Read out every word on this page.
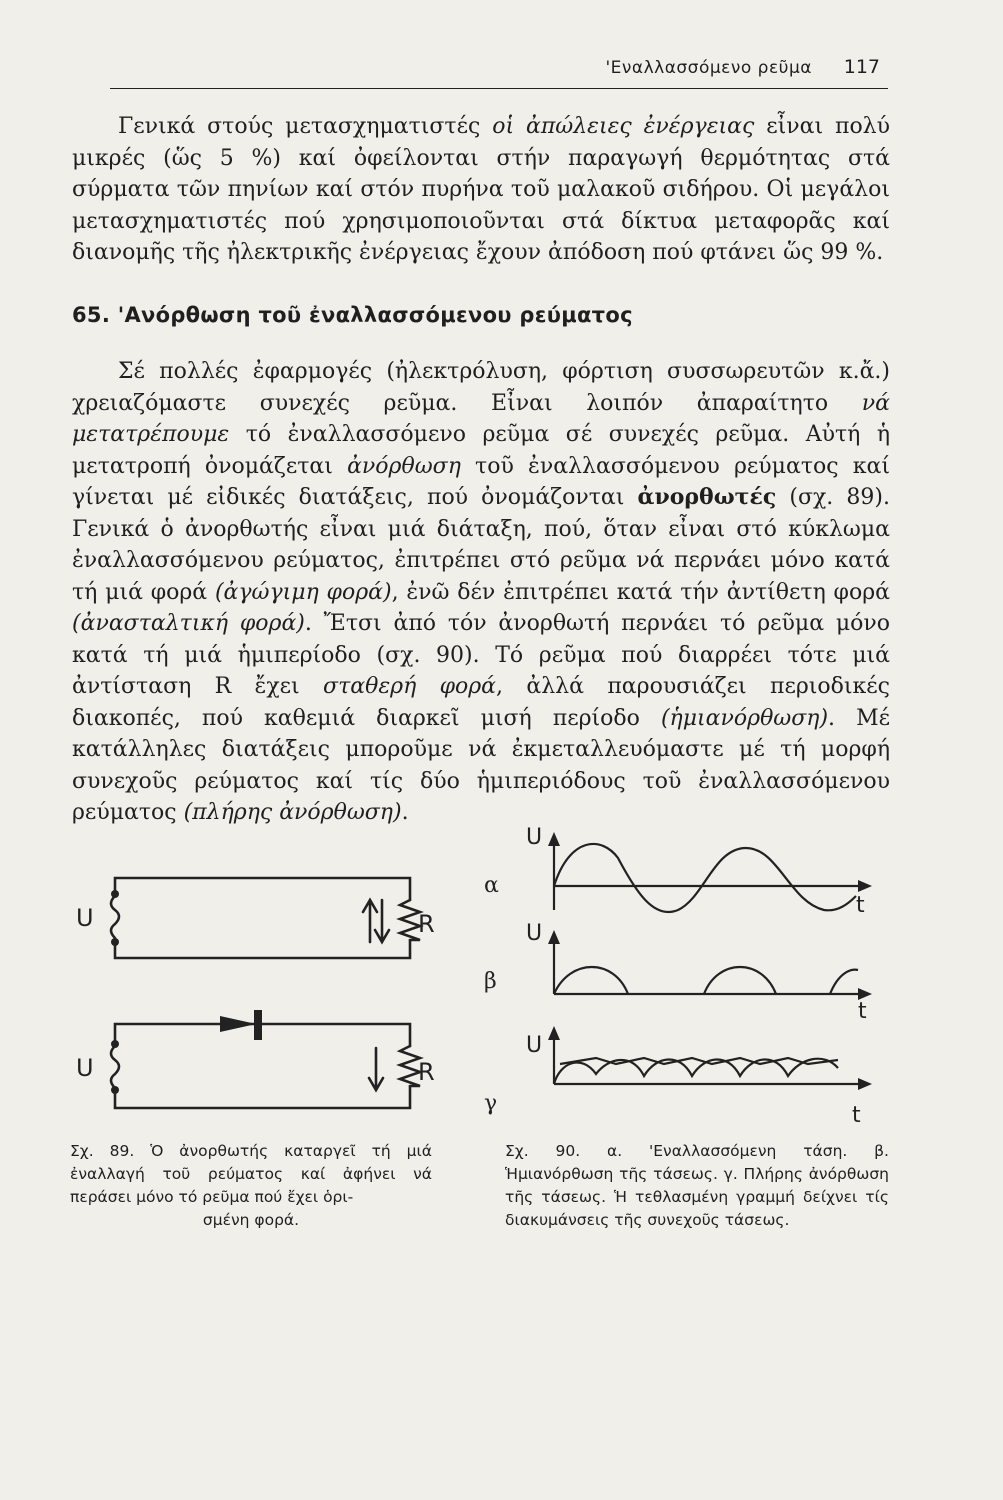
'Εναλλασσόμενο ρεῦμα 117

Γενικά στούς μετασχηματιστές οἱ ἀπώλειες ἐνέργειας εἶναι πολύ μικρές (ὥς 5 %) καί ὀφείλονται στήν παραγωγή θερμότητας στά σύρματα τῶν πηνίων καί στόν πυρήνα τοῦ μαλακοῦ σιδήρου. Οἱ μεγάλοι μετασχηματιστές πού χρησιμοποιοῦνται στά δίκτυα μεταφορᾶς καί διανομῆς τῆς ἠλεκτρικῆς ἐνέργειας ἔχουν ἀπόδοση πού φτάνει ὥς 99 %.

65. 'Ανόρθωση τοῦ ἐναλλασσόμενου ρεύματος

Σέ πολλές ἐφαρμογές (ἠλεκτρόλυση, φόρτιση συσσωρευτῶν κ.ἄ.) χρειαζόμαστε συνεχές ρεῦμα. Εἶναι λοιπόν ἀπαραίτητο νά μετατρέπουμε τό ἐναλλασσόμενο ρεῦμα σέ συνεχές ρεῦμα. Αὐτή ἡ μετατροπή ὀνομάζεται ἀνόρθωση τοῦ ἐναλλασσόμενου ρεύματος καί γίνεται μέ εἰδικές διατάξεις, πού ὀνομάζονται ἀνορθωτές (σχ. 89). Γενικά ὁ ἀνορθωτής εἶναι μιά διάταξη, πού, ὅταν εἶναι στό κύκλωμα ἐναλλασσόμενου ρεύματος, ἐπιτρέπει στό ρεῦμα νά περνάει μόνο κατά τή μιά φορά (ἀγώγιμη φορά), ἐνῶ δέν ἐπιτρέπει κατά τήν ἀντίθετη φορά (ἀνασταλτική φορά). Ἔτσι ἀπό τόν ἀνορθωτή περνάει τό ρεῦμα μόνο κατά τή μιά ἡμιπερίοδο (σχ. 90). Τό ρεῦμα πού διαρρέει τότε μιά ἀντίσταση R ἔχει σταθερή φορά, ἀλλά παρουσιάζει περιοδικές διακοπές, πού καθεμιά διαρκεῖ μισή περίοδο (ἡμιανόρθωση). Μέ κατάλληλες διατάξεις μποροῦμε νά ἐκμεταλλευόμαστε μέ τή μορφή συνεχοῦς ρεύματος καί τίς δύο ἡμιπεριόδους τοῦ ἐναλλασσόμενου ρεύματος (πλήρης ἀνόρθωση).

U	R
U	R
U
t
U
t
U
t
α
β
γ
Σχ. 89. Ὁ ἀνορθωτής καταργεῖ τή μιά ἐναλλαγή τοῦ ρεύματος καί ἀφήνει νά περάσει μόνο τό ρεῦμα πού ἔχει ὁρι-
σμένη φορά.
Σχ. 90. α. 'Εναλλασσόμενη τάση. β. Ἡμιανόρθωση τῆς τάσεως. γ. Πλήρης ἀνόρθωση τῆς τάσεως. Ἡ τεθλασμένη γραμμή δείχνει τίς διακυμάνσεις τῆς συνεχοῦς τάσεως.
